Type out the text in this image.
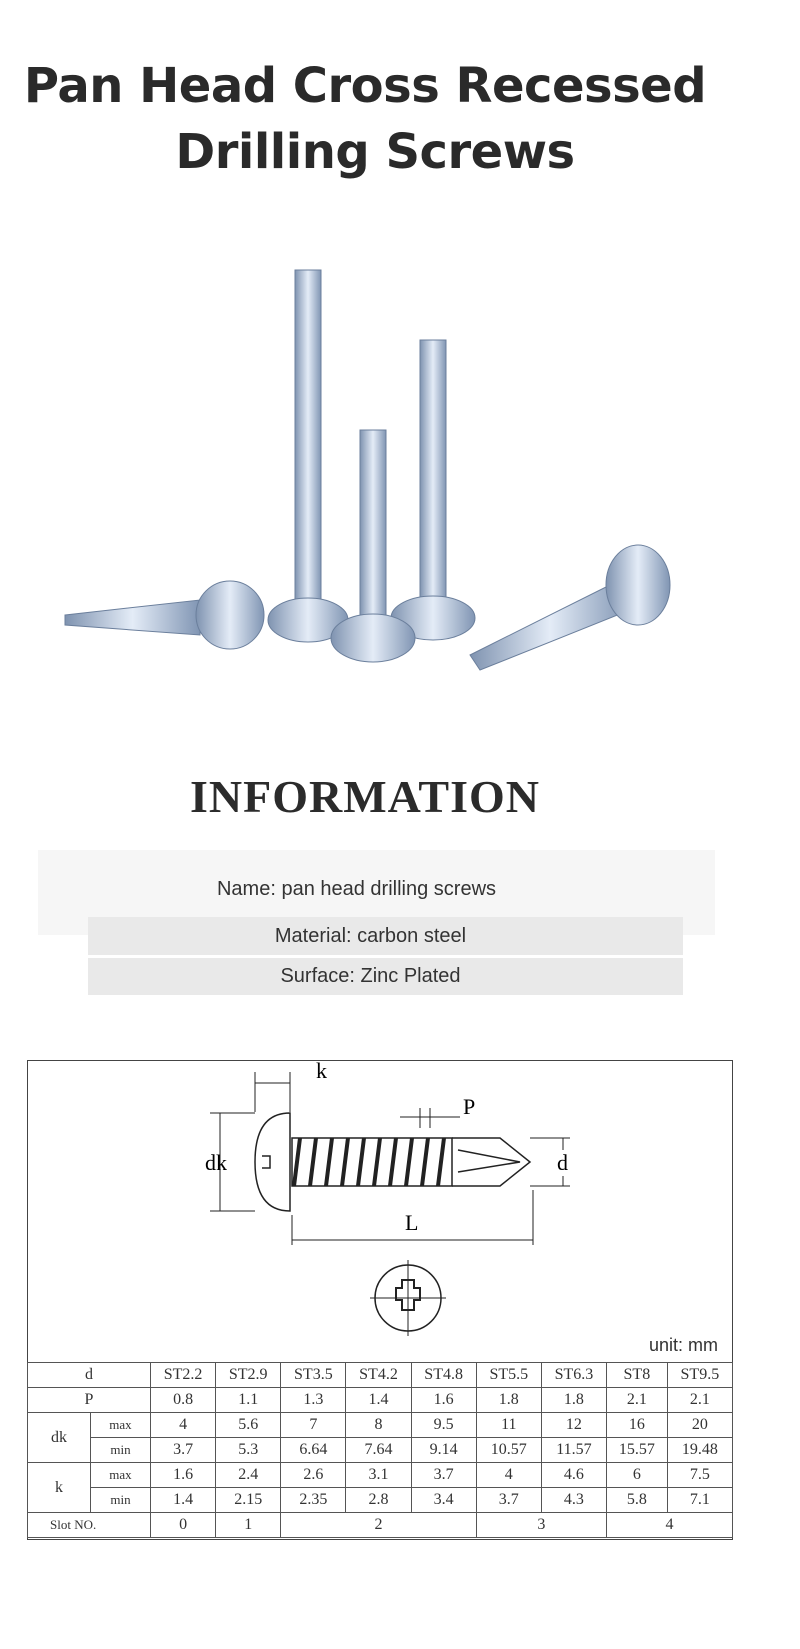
Pan Head Cross Recessed
Drilling Screws
INFORMATION
Name: pan head drilling screws
Material: carbon steel
Surface: Zinc Plated
k
P
dk	d
L
unit: mm
d		ST2.2	ST2.9	ST3.5	ST4.2	ST4.8	ST5.5	ST6.3	ST8	ST9.5
P		0.8	1.1	1.3	1.4	1.6	1.8	1.8	2.1	2.1
dk	max	4	5.6	7	8	9.5	11	12	16	20
	min	3.7	5.3	6.64	7.64	9.14	10.57	11.57	15.57	19.48
k	max	1.6	2.4	2.6	3.1	3.7	4	4.6	6	7.5
	min	1.4	2.15	2.35	2.8	3.4	3.7	4.3	5.8	7.1
Slot NO.		0	1	2			3		4	
